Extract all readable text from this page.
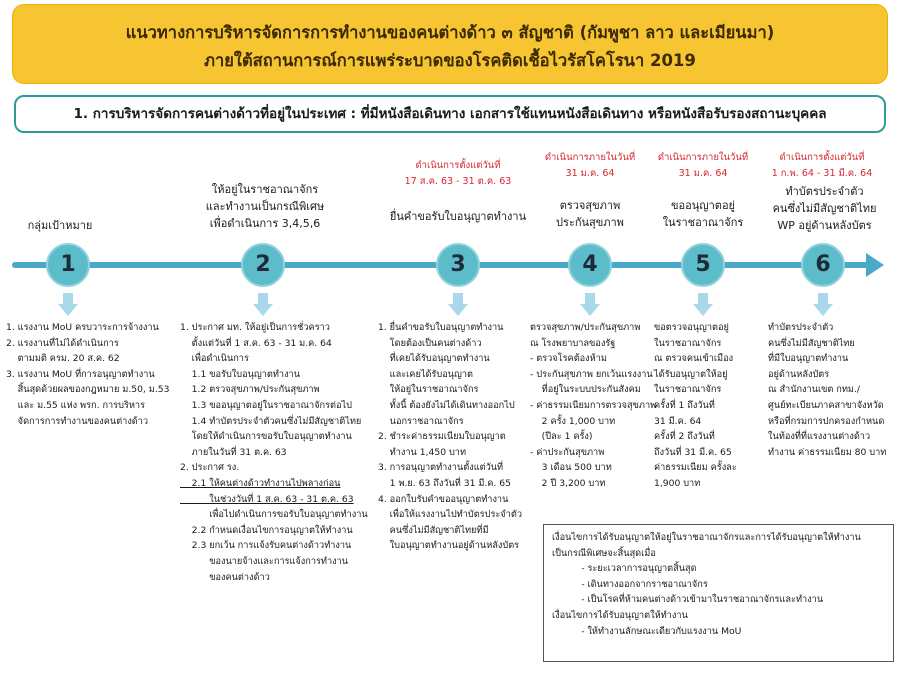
แนวทางการบริหารจัดการการทำงานของคนต่างด้าว ๓ สัญชาติ (กัมพูชา ลาว และเมียนมา)
ภายใต้สถานการณ์การแพร่ระบาดของโรคติดเชื้อไวรัสโคโรนา 2019
1. การบริหารจัดการคนต่างด้าวที่อยู่ในประเทศ : ที่มีหนังสือเดินทาง เอกสารใช้แทนหนังสือเดินทาง หรือหนังสือรับรองสถานะบุคคล
ดำเนินการตั้งแต่วันที่
17 ส.ค. 63 - 31 ต.ค. 63
ดำเนินการภายในวันที่
31 ม.ค. 64
ดำเนินการภายในวันที่
31 ม.ค. 64
ดำเนินการตั้งแต่วันที่
1 ก.พ. 64 - 31 มี.ค. 64
กลุ่มเป้าหมาย
ให้อยู่ในราชอาณาจักร
และทำงานเป็นกรณีพิเศษ
เพื่อดำเนินการ 3,4,5,6
ยื่นคำขอรับใบอนุญาตทำงาน
ตรวจสุขภาพ
ประกันสุขภาพ
ขออนุญาตอยู่
ในราชอาณาจักร
ทำบัตรประจำตัว
คนซึ่งไม่มีสัญชาติไทย
WP อยู่ด้านหลังบัตร
1	2	3	4	5	6
1. แรงงาน MoU ครบวาระการจ้างงาน
2. แรงงานที่ไม่ได้ดำเนินการ
ตามมติ ครม. 20 ส.ค. 62
3. แรงงาน MoU ที่การอนุญาตทำงาน
สิ้นสุดด้วยผลของกฎหมาย ม.50, ม.53
และ ม.55 แห่ง พรก. การบริหาร
จัดการการทำงานของคนต่างด้าว
1. ประกาศ มท. ให้อยู่เป็นการชั่วคราว
ตั้งแต่วันที่ 1 ส.ค. 63 - 31 ม.ค. 64
เพื่อดำเนินการ
1.1 ขอรับใบอนุญาตทำงาน
1.2 ตรวจสุขภาพ/ประกันสุขภาพ
1.3 ขออนุญาตอยู่ในราชอาณาจักรต่อไป
1.4 ทำบัตรประจำตัวคนซึ่งไม่มีสัญชาติไทย
โดยให้ดำเนินการขอรับใบอนุญาตทำงาน
ภายในวันที่ 31 ต.ค. 63
2. ประกาศ รง.
2.1 ให้คนต่างด้าวทำงานไปพลางก่อน
ในช่วงวันที่ 1 ส.ค. 63 - 31 ต.ค. 63
เพื่อไปดำเนินการขอรับใบอนุญาตทำงาน
2.2 กำหนดเงื่อนไขการอนุญาตให้ทำงาน
2.3 ยกเว้น การแจ้งรับคนต่างด้าวทำงาน
ของนายจ้างและการแจ้งการทำงาน
ของคนต่างด้าว
1. ยื่นคำขอรับใบอนุญาตทำงาน
โดยต้องเป็นคนต่างด้าว
ที่เคยได้รับอนุญาตทำงาน
และเคยได้รับอนุญาต
ให้อยู่ในราชอาณาจักร
ทั้งนี้ ต้องยังไม่ได้เดินทางออกไป
นอกราชอาณาจักร
2. ชำระค่าธรรมเนียมใบอนุญาต
ทำงาน 1,450 บาท
3. การอนุญาตทำงานตั้งแต่วันที่
1 พ.ย. 63 ถึงวันที่ 31 มี.ค. 65
4. ออกใบรับคำขออนุญาตทำงาน
เพื่อให้แรงงานไปทำบัตรประจำตัว
คนซึ่งไม่มีสัญชาติไทยที่มี
ใบอนุญาตทำงานอยู่ด้านหลังบัตร
ตรวจสุขภาพ/ประกันสุขภาพ
ณ โรงพยาบาลของรัฐ
- ตรวจโรคต้องห้าม
- ประกันสุขภาพ ยกเว้นแรงงาน
ที่อยู่ในระบบประกันสังคม
- ค่าธรรมเนียมการตรวจสุขภาพ
2 ครั้ง 1,000 บาท
(ปีละ 1 ครั้ง)
- ค่าประกันสุขภาพ
3 เดือน 500 บาท
2 ปี 3,200 บาท
ขอตรวจอนุญาตอยู่
ในราชอาณาจักร
ณ ตรวจคนเข้าเมือง
ได้รับอนุญาตให้อยู่
ในราชอาณาจักร
ครั้งที่ 1 ถึงวันที่
31 มี.ค. 64
ครั้งที่ 2 ถึงวันที่
ถึงวันที่ 31 มี.ค. 65
ค่าธรรมเนียม ครั้งละ
1,900 บาท
ทำบัตรประจำตัว
คนซึ่งไม่มีสัญชาติไทย
ที่มีใบอนุญาตทำงาน
อยู่ด้านหลังบัตร
ณ สำนักงานเขต กทม./
ศูนย์ทะเบียนภาคสาขาจังหวัด
หรือที่กรมการปกครองกำหนด
ในท้องที่ที่แรงงานต่างด้าว
ทำงาน ค่าธรรมเนียม 80 บาท
เงื่อนไขการได้รับอนุญาตให้อยู่ในราชอาณาจักรและการได้รับอนุญาตให้ทำงาน
เป็นกรณีพิเศษจะสิ้นสุดเมื่อ
- ระยะเวลาการอนุญาตสิ้นสุด
- เดินทางออกจากราชอาณาจักร
- เป็นโรคที่ห้ามคนต่างด้าวเข้ามาในราชอาณาจักรและทำงาน
เงื่อนไขการได้รับอนุญาตให้ทำงาน
- ให้ทำงานลักษณะเดียวกับแรงงาน MoU
